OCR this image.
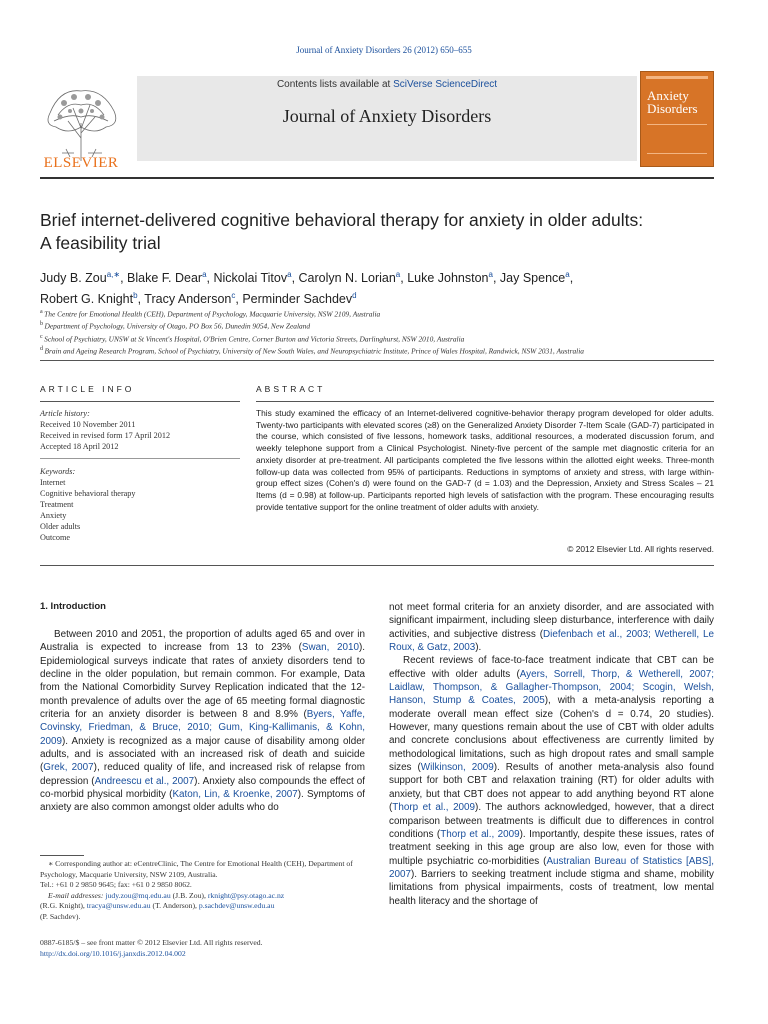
Journal of Anxiety Disorders 26 (2012) 650–655
ELSEVIER
Contents lists available at SciVerse ScienceDirect
Journal of Anxiety Disorders
Anxiety
Disorders
Brief internet-delivered cognitive behavioral therapy for anxiety in older adults:
A feasibility trial
Judy B. Zou$^{a,∗}$, Blake F. Dear$^a$, Nickolai Titov$^a$, Carolyn N. Lorian$^a$, Luke Johnston$^a$, Jay Spence$^a$,
Robert G. Knight$^b$, Tracy Anderson$^c$, Perminder Sachdev$^d$
$^a$ The Centre for Emotional Health (CEH), Department of Psychology, Macquarie University, NSW 2109, Australia
$^b$ Department of Psychology, University of Otago, PO Box 56, Dunedin 9054, New Zealand
$^c$ School of Psychiatry, UNSW at St Vincent's Hospital, O'Brien Centre, Corner Burton and Victoria Streets, Darlinghurst, NSW 2010, Australia
$^d$ Brain and Ageing Research Program, School of Psychiatry, University of New South Wales, and Neuropsychiatric Institute, Prince of Wales Hospital, Randwick, NSW 2031, Australia
ARTICLE INFO	ABSTRACT
Article history:
Received 10 November 2011
Received in revised form 17 April 2012
Accepted 18 April 2012
Keywords:
Internet
Cognitive behavioral therapy
Treatment
Anxiety
Older adults
Outcome
This study examined the efficacy of an Internet-delivered cognitive-behavior therapy program developed for older adults. Twenty-two participants with elevated scores (≥8) on the Generalized Anxiety Disorder 7-Item Scale (GAD-7) participated in the course, which consisted of five lessons, homework tasks, additional resources, a moderated discussion forum, and weekly telephone support from a Clinical Psychologist. Ninety-five percent of the sample met diagnostic criteria for an anxiety disorder at pre-treatment. All participants completed the five lessons within the allotted eight weeks. Three-month follow-up data was collected from 95% of participants. Reductions in symptoms of anxiety and stress, with large within-group effect sizes (Cohen's d) were found on the GAD-7 (d = 1.03) and the Depression, Anxiety and Stress Scales – 21 Items (d = 0.98) at follow-up. Participants reported high levels of satisfaction with the program. These encouraging results provide tentative support for the online treatment of older adults with anxiety.
© 2012 Elsevier Ltd. All rights reserved.
1. Introduction

Between 2010 and 2051, the proportion of adults aged 65 and over in Australia is expected to increase from 13 to 23% (Swan, 2010). Epidemiological surveys indicate that rates of anxiety disorders tend to decline in the older population, but remain common. For example, Data from the National Comorbidity Survey Replication indicated that the 12-month prevalence of adults over the age of 65 meeting formal diagnostic criteria for an anxiety disorder is between 8 and 8.9% (Byers, Yaffe, Covinsky, Friedman, & Bruce, 2010; Gum, King-Kallimanis, & Kohn, 2009). Anxiety is recognized as a major cause of disability among older adults, and is associated with an increased risk of death and suicide (Grek, 2007), reduced quality of life, and increased risk of relapse from depression (Andreescu et al., 2007). Anxiety also compounds the effect of co-morbid physical morbidity (Katon, Lin, & Kroenke, 2007). Symptoms of anxiety are also common amongst older adults who do

not meet formal criteria for an anxiety disorder, and are associated with significant impairment, including sleep disturbance, interference with daily activities, and subjective distress (Diefenbach et al., 2003; Wetherell, Le Roux, & Gatz, 2003).

Recent reviews of face-to-face treatment indicate that CBT can be effective with older adults (Ayers, Sorrell, Thorp, & Wetherell, 2007; Laidlaw, Thompson, & Gallagher-Thompson, 2004; Scogin, Welsh, Hanson, Stump & Coates, 2005), with a meta-analysis reporting a moderate overall mean effect size (Cohen's d = 0.74, 20 studies). However, many questions remain about the use of CBT with older adults and concrete conclusions about effectiveness are currently limited by methodological limitations, such as high dropout rates and small sample sizes (Wilkinson, 2009). Results of another meta-analysis also found support for both CBT and relaxation training (RT) for older adults with anxiety, but that CBT does not appear to add anything beyond RT alone (Thorp et al., 2009). The authors acknowledged, however, that a direct comparison between treatments is difficult due to differences in control conditions (Thorp et al., 2009). Importantly, despite these issues, rates of treatment seeking in this age group are also low, even for those with multiple psychiatric co-morbidities (Australian Bureau of Statistics [ABS], 2007). Barriers to seeking treatment include stigma and shame, mobility limitations from physical impairments, costs of treatment, low mental health literacy and the shortage of

∗ Corresponding author at: eCentreClinic, The Centre for Emotional Health (CEH), Department of Psychology, Macquarie University, NSW 2109, Australia.
Tel.: +61 0 2 9850 9645; fax: +61 0 2 9850 8062.
E-mail addresses: judy.zou@mq.edu.au (J.B. Zou), rknight@psy.otago.ac.nz
(R.G. Knight), tracya@unsw.edu.au (T. Anderson), p.sachdev@unsw.edu.au
(P. Sachdev).
0887-6185/$ – see front matter © 2012 Elsevier Ltd. All rights reserved.
http://dx.doi.org/10.1016/j.janxdis.2012.04.002
